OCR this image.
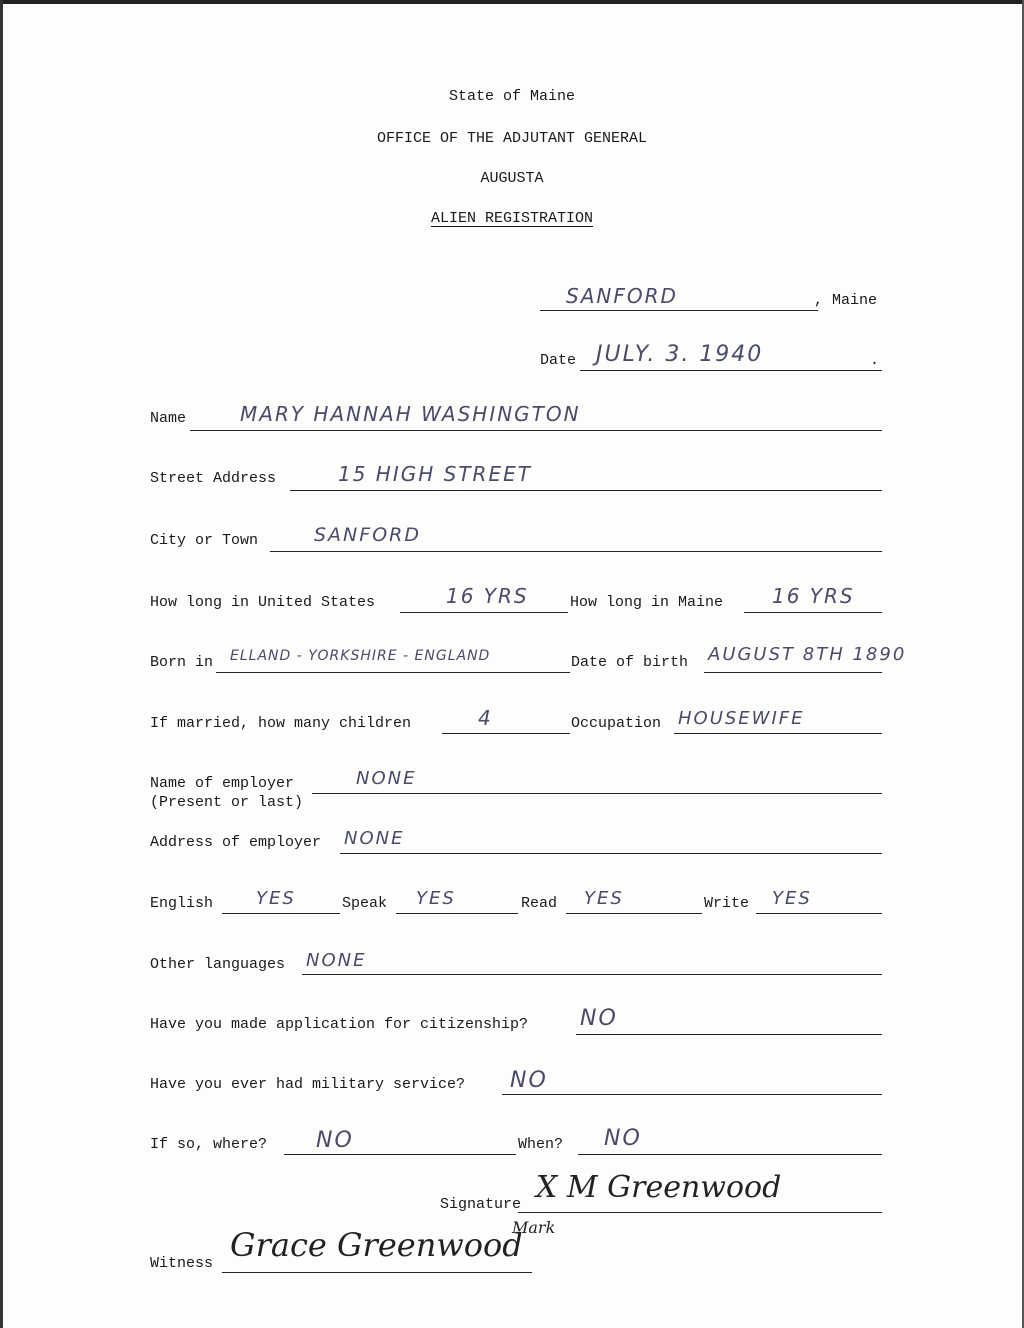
State of Maine
OFFICE OF THE ADJUTANT GENERAL
AUGUSTA
ALIEN REGISTRATION
SANFORD	, Maine
Date JULY. 3. 1940	.
Name	MARY HANNAH WASHINGTON
Street Address	15 HIGH STREET
City or Town	SANFORD
How long in United States	16 YRS	How long in Maine 16 YRS
Born in ELLAND - YORKSHIRE - ENGLAND	Date of birth AUGUST 8TH 1890
If married, how many children	4	Occupation HOUSEWIFE
Name of employer
(Present or last)
NONE
Address of employer NONE
English YES	Speak YES	Read YES	Write YES
Other languages NONE
Have you made application for citizenship? NO
Have you ever had military service? NO
If so, where? NO	When? NO
Signature X M Greenwood
Mark
Witness Grace Greenwood
